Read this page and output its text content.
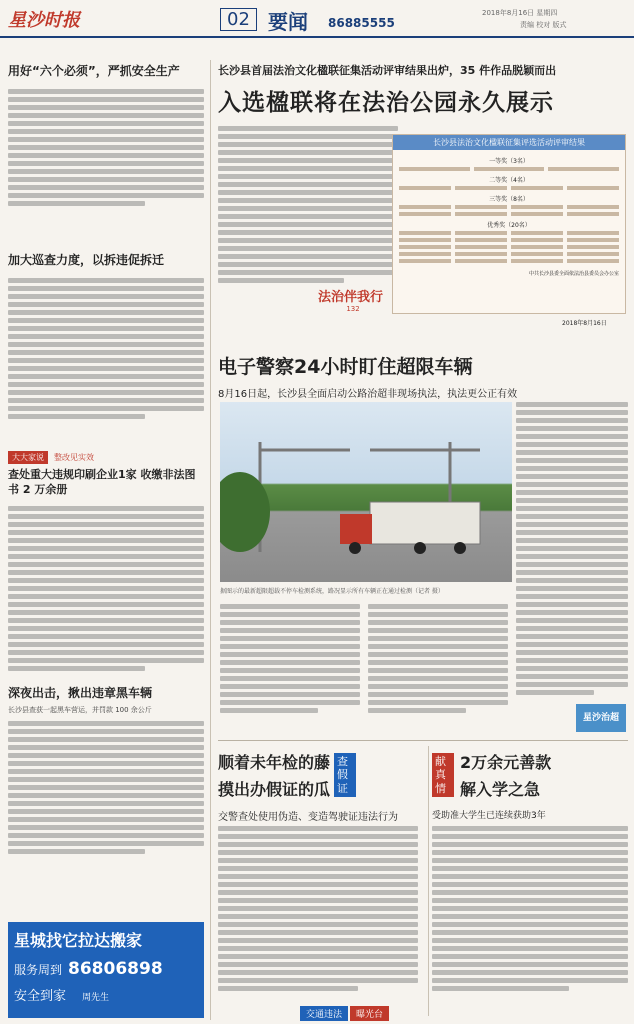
星沙时报	02 要闻 86885555
2018年8月16日 星期四
责编 校对 版式
用好“六个必须”，严抓安全生产
加大巡查力度，以拆违促拆迁
大大家说	整改见实效
查处重大违规印刷企业1家 收缴非法图书 2 万余册
深夜出击，揪出违章黑车辆
长沙县查获一起黑车营运，并罚款 100 余公斤
星城找它拉达搬家
服务周到 86806898
安全到家 周先生
长沙县首届法治文化楹联征集活动评审结果出炉，35 件作品脱颖而出
入选楹联将在法治公园永久展示
长沙县法治文化楹联征集评选活动评审结果
一等奖（3名）
二等奖（4名）
三等奖（8名）
优秀奖（20名）
中共长沙县委全面依法治县委员会办公室
2018年8月16日
法治伴我行
132
电子警察24小时盯住超限车辆
8月16日起，长沙县全面启动公路治超非现场执法，执法更公正有效
据图示的最新超限超载不停车检测系统，路况显示所有车辆正在通过检测（记者 摄）
星沙治超
顺着未年检的藤
摸出办假证的瓜
查假证
交警查处使用伪造、变造驾驶证违法行为
献真情
2万余元善款
解入学之急
受助准大学生已连续获助3年
交通违法	曝光台
